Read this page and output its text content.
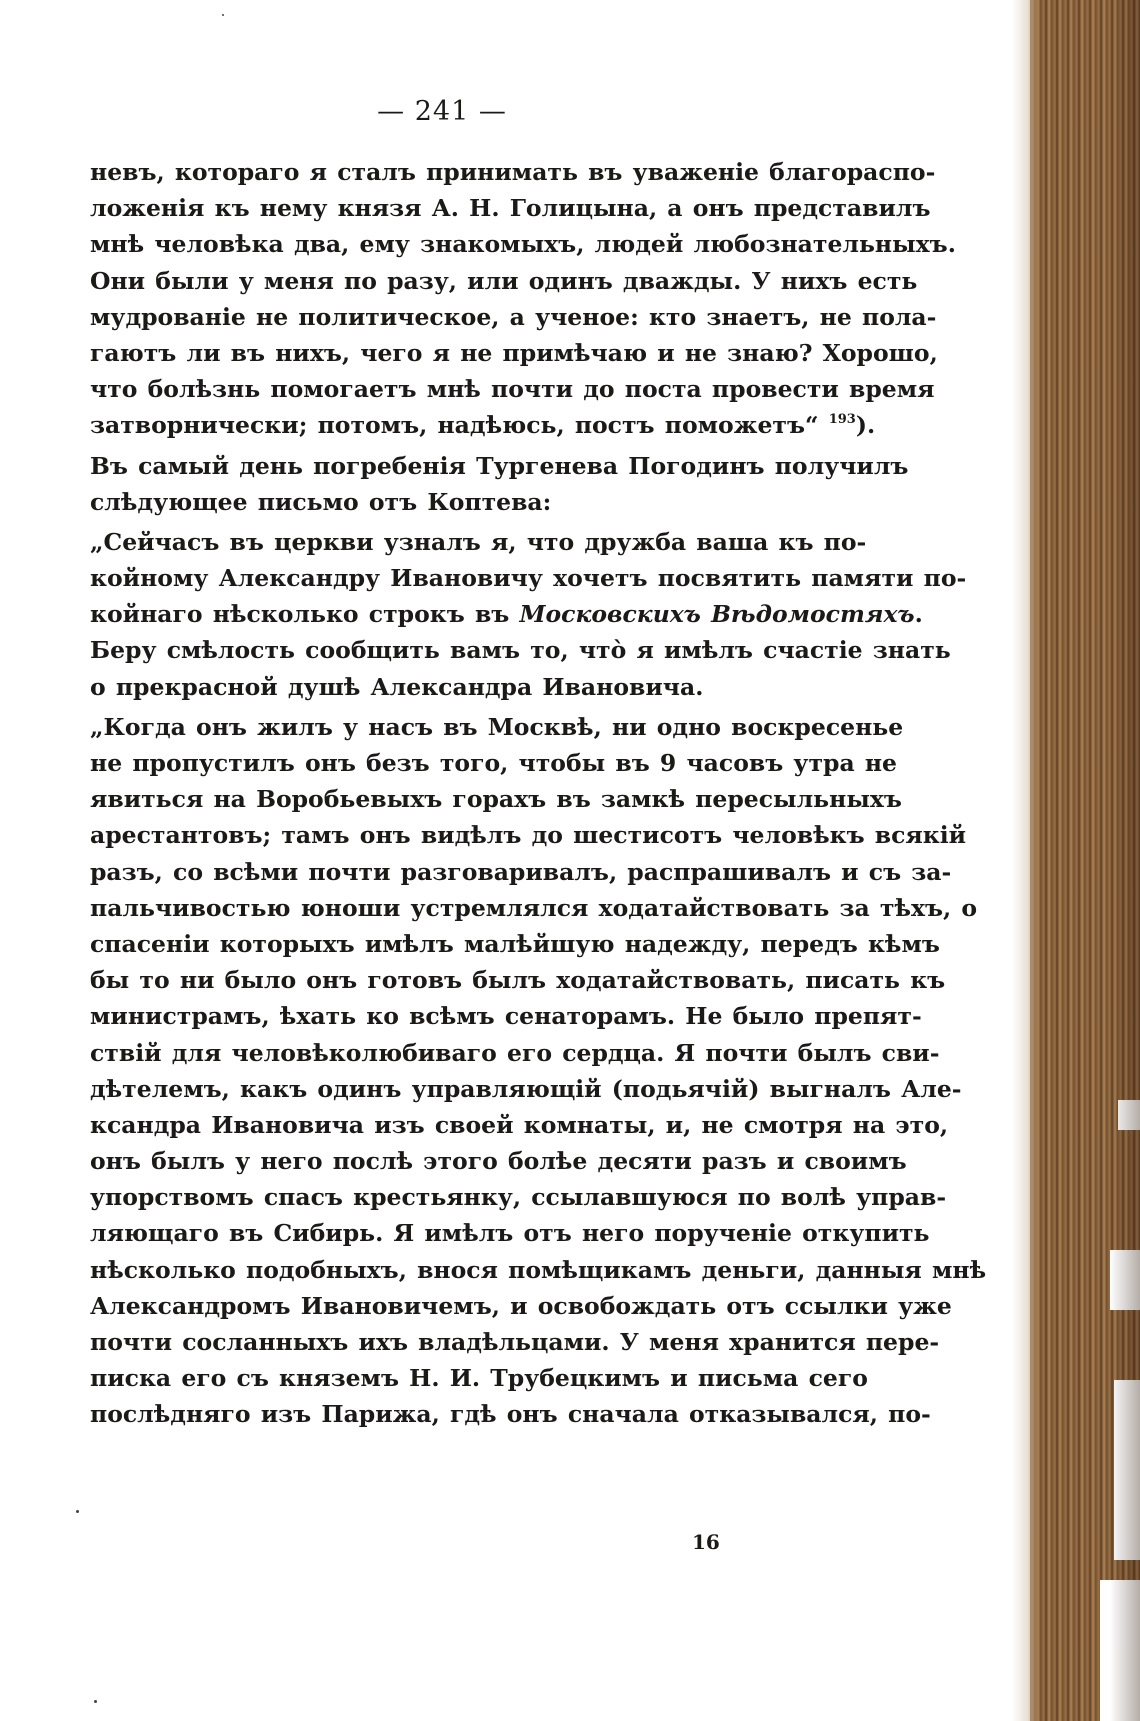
— 241 —
невъ, котораго я сталъ принимать въ уваженіе благораспо-
ложенія къ нему князя А. Н. Голицына, а онъ представилъ
мнѣ человѣка два, ему знакомыхъ, людей любознательныхъ.
Они были у меня по разу, или одинъ дважды. У нихъ есть
мудрованіе не политическое, а ученое: кто знаетъ, не пола-
гаютъ ли въ нихъ, чего я не примѣчаю и не знаю? Хорошо,
что болѣзнь помогаетъ мнѣ почти до поста провести время
затворнически; потомъ, надѣюсь, постъ поможетъ“ $^{193}$).
Въ самый день погребенія Тургенева Погодинъ получилъ
слѣдующее письмо отъ Коптева:
„Сейчасъ въ церкви узналъ я, что дружба ваша къ по-
койному Александру Ивановичу хочетъ посвятить памяти по-
койнаго нѣсколько строкъ въ Московскихъ Вѣдомостяхъ.
Беру смѣлость сообщить вамъ то, что̀ я имѣлъ счастіе знать
о прекрасной душѣ Александра Ивановича.
„Когда онъ жилъ у насъ въ Москвѣ, ни одно воскресенье
не пропустилъ онъ безъ того, чтобы въ 9 часовъ утра не
явиться на Воробьевыхъ горахъ въ замкѣ пересыльныхъ
арестантовъ; тамъ онъ видѣлъ до шестисотъ человѣкъ всякій
разъ, со всѣми почти разговаривалъ, распрашивалъ и съ за-
пальчивостью юноши устремлялся ходатайствовать за тѣхъ, о
спасеніи которыхъ имѣлъ малѣйшую надежду, передъ кѣмъ
бы то ни было онъ готовъ былъ ходатайствовать, писать къ
министрамъ, ѣхать ко всѣмъ сенаторамъ. Не было препят-
ствій для человѣколюбиваго его сердца. Я почти былъ сви-
дѣтелемъ, какъ одинъ управляющій (подьячій) выгналъ Але-
ксандра Ивановича изъ своей комнаты, и, не смотря на это,
онъ былъ у него послѣ этого болѣе десяти разъ и своимъ
упорствомъ спасъ крестьянку, ссылавшуюся по волѣ управ-
ляющаго въ Сибирь. Я имѣлъ отъ него порученіе откупить
нѣсколько подобныхъ, внося помѣщикамъ деньги, данныя мнѣ
Александромъ Ивановичемъ, и освобождать отъ ссылки уже
почти сосланныхъ ихъ владѣльцами. У меня хранится пере-
писка его съ княземъ Н. И. Трубецкимъ и письма сего
послѣдняго изъ Парижа, гдѣ онъ сначала отказывался, по-
16
